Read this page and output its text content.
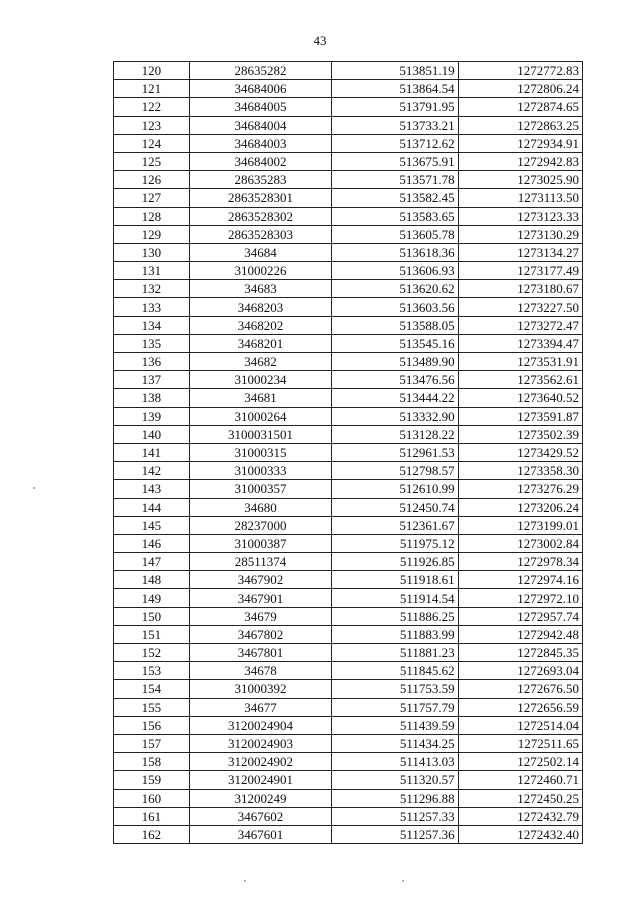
43
120	28635282	513851.19	1272772.83
121	34684006	513864.54	1272806.24
122	34684005	513791.95	1272874.65
123	34684004	513733.21	1272863.25
124	34684003	513712.62	1272934.91
125	34684002	513675.91	1272942.83
126	28635283	513571.78	1273025.90
127	2863528301	513582.45	1273113.50
128	2863528302	513583.65	1273123.33
129	2863528303	513605.78	1273130.29
130	34684	513618.36	1273134.27
131	31000226	513606.93	1273177.49
132	34683	513620.62	1273180.67
133	3468203	513603.56	1273227.50
134	3468202	513588.05	1273272.47
135	3468201	513545.16	1273394.47
136	34682	513489.90	1273531.91
137	31000234	513476.56	1273562.61
138	34681	513444.22	1273640.52
139	31000264	513332.90	1273591.87
140	3100031501	513128.22	1273502.39
141	31000315	512961.53	1273429.52
142	31000333	512798.57	1273358.30
143	31000357	512610.99	1273276.29
144	34680	512450.74	1273206.24
145	28237000	512361.67	1273199.01
146	31000387	511975.12	1273002.84
147	28511374	511926.85	1272978.34
148	3467902	511918.61	1272974.16
149	3467901	511914.54	1272972.10
150	34679	511886.25	1272957.74
151	3467802	511883.99	1272942.48
152	3467801	511881.23	1272845.35
153	34678	511845.62	1272693.04
154	31000392	511753.59	1272676.50
155	34677	511757.79	1272656.59
156	3120024904	511439.59	1272514.04
157	3120024903	511434.25	1272511.65
158	3120024902	511413.03	1272502.14
159	3120024901	511320.57	1272460.71
160	31200249	511296.88	1272450.25
161	3467602	511257.33	1272432.79
162	3467601	511257.36	1272432.40
